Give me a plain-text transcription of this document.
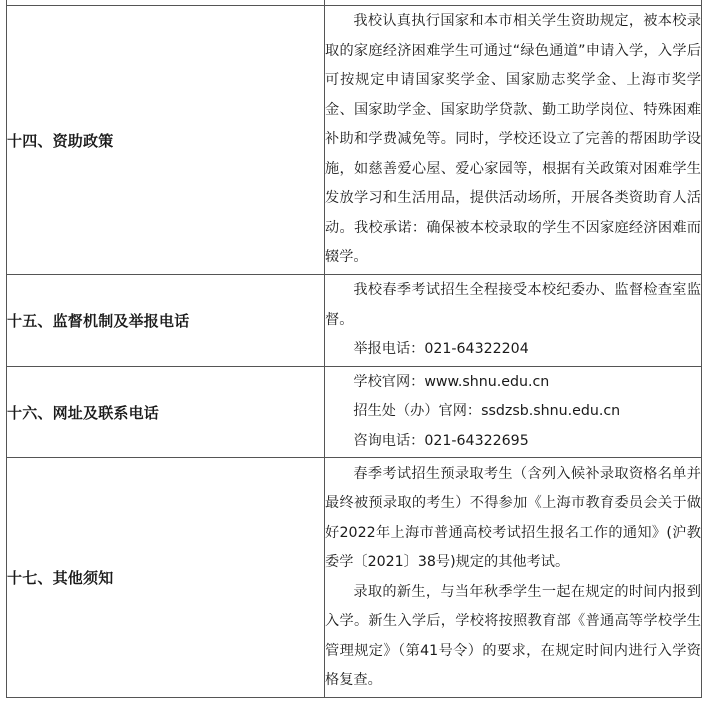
十四、资助政策	我校认真执行国家和本市相关学生资助规定，被本校录取的家庭经济困难学生可通过“绿色通道”申请入学，入学后可按规定申请国家奖学金、国家励志奖学金、上海市奖学金、国家助学金、国家助学贷款、勤工助学岗位、特殊困难补助和学费减免等。同时，学校还设立了完善的帮困助学设施，如慈善爱心屋、爱心家园等，根据有关政策对困难学生发放学习和生活用品，提供活动场所，开展各类资助育人活动。我校承诺：确保被本校录取的学生不因家庭经济困难而辍学。

十五、监督机制及举报电话	我校春季考试招生全程接受本校纪委办、监督检查室监督。

举报电话：021-64322204

十六、网址及联系电话	学校官网：www.shnu.edu.cn

招生处（办）官网：ssdzsb.shnu.edu.cn

咨询电话：021-64322695

十七、其他须知	春季考试招生预录取考生（含列入候补录取资格名单并最终被预录取的考生）不得参加《上海市教育委员会关于做好2022年上海市普通高校考试招生报名工作的通知》(沪教委学〔2021〕38号)规定的其他考试。

录取的新生，与当年秋季学生一起在规定的时间内报到入学。新生入学后，学校将按照教育部《普通高等学校学生管理规定》（第41号令）的要求，在规定时间内进行入学资格复查。
